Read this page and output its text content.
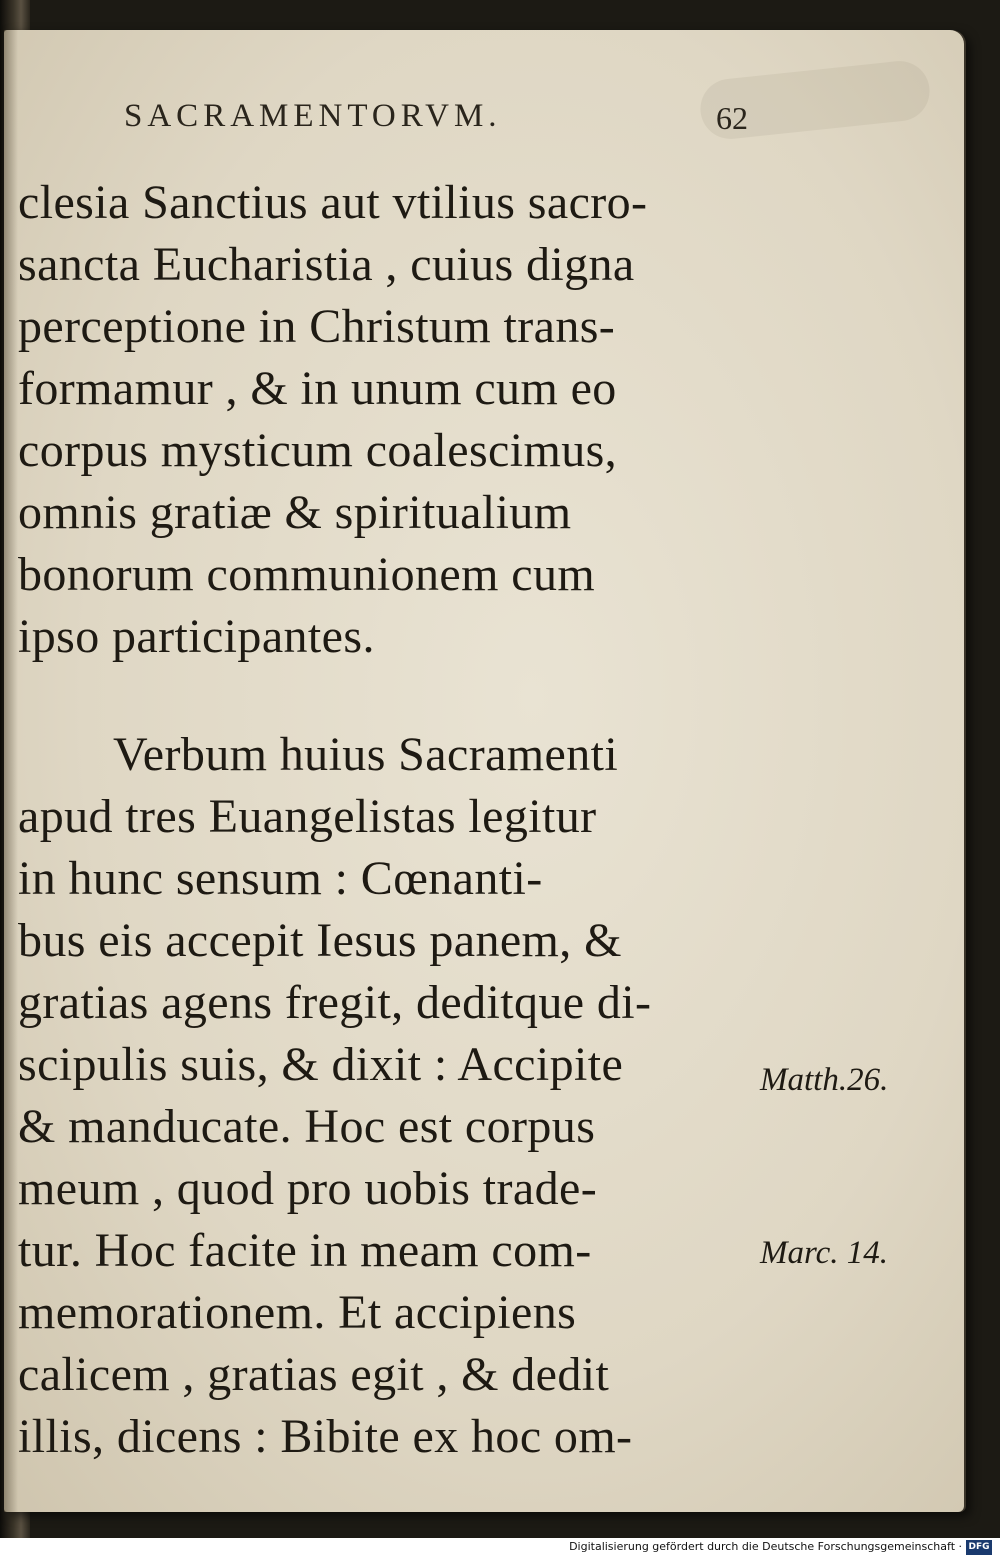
SACRAMENTORVM.	62
clesia Sanctius aut vtilius sacro-
sancta Eucharistia , cuius digna
perceptione in Christum trans-
formamur , & in unum cum eo
corpus mysticum coalescimus,
omnis gratiæ & spiritualium
bonorum communionem cum
ipso participantes.
Verbum huius Sacramenti
apud tres Euangelistas legitur
in hunc sensum : Cœnanti-
bus eis accepit Iesus panem, &
gratias agens fregit, deditque di-
scipulis suis, & dixit : Accipite
& manducate. Hoc est corpus
meum , quod pro uobis trade-
tur. Hoc facite in meam com-
memorationem. Et accipiens
calicem , gratias egit , & dedit
illis, dicens : Bibite ex hoc om-
Matth.26.
Marc. 14.
Digitalisierung gefördert durch die Deutsche Forschungsgemeinschaft · DFG
